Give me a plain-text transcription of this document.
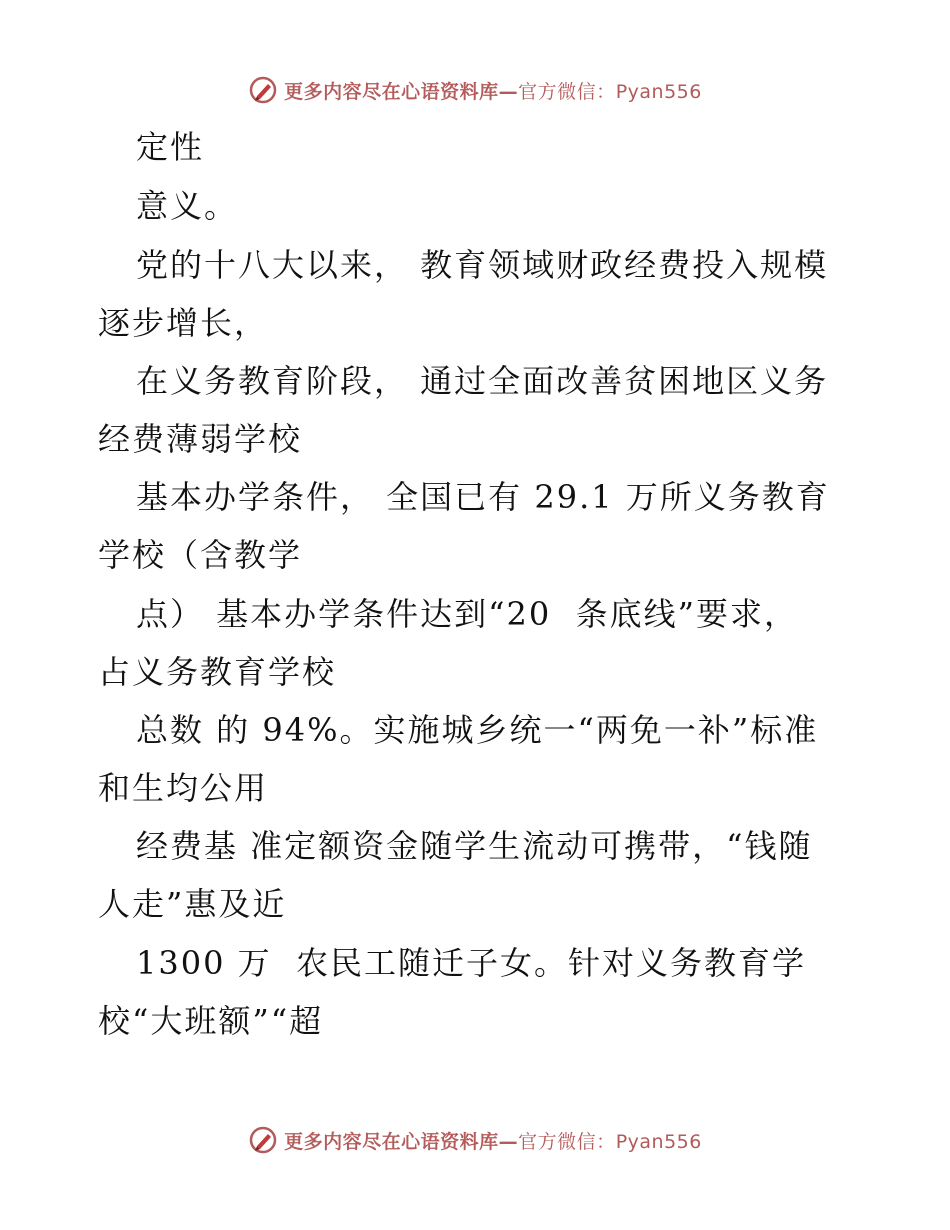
更多内容尽在心语资料库—官方微信：Pyan556
定性
意义。
党的十八大以来， 教育领域财政经费投入规模
逐步增长，
在义务教育阶段， 通过全面改善贫困地区义务
经费薄弱学校
基本办学条件， 全国已有 29.1 万所义务教育
学校（含教学
点） 基本办学条件达到“20  条底线”要求，
占义务教育学校
总数 的 94%。实施城乡统一“两免一补”标准
和生均公用
经费基 准定额资金随学生流动可携带，“钱随
人走”惠及近
1300 万  农民工随迁子女。针对义务教育学
校“大班额”“超
更多内容尽在心语资料库—官方微信：Pyan556
